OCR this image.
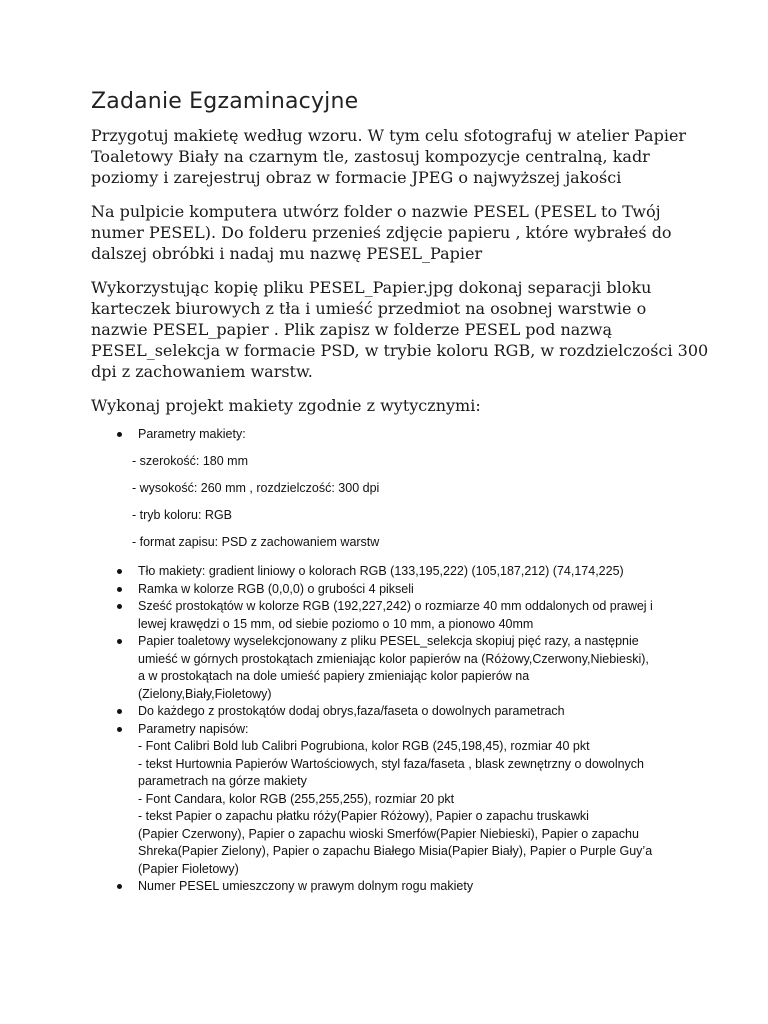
Zadanie Egzaminacyjne

Przygotuj makietę według wzoru. W tym celu sfotografuj w atelier Papier
Toaletowy Biały na czarnym tle, zastosuj kompozycje centralną, kadr
poziomy i zarejestruj obraz w formacie JPEG o najwyższej jakości

Na pulpicie komputera utwórz folder o nazwie PESEL (PESEL to Twój
numer PESEL). Do folderu przenieś zdjęcie papieru , które wybrałeś do
dalszej obróbki i nadaj mu nazwę PESEL_Papier

Wykorzystując kopię pliku PESEL_Papier.jpg dokonaj separacji bloku
karteczek biurowych z tła i umieść przedmiot na osobnej warstwie o
nazwie PESEL_papier . Plik zapisz w folderze PESEL pod nazwą
PESEL_selekcja w formacie PSD, w trybie koloru RGB, w rozdzielczości 300
dpi z zachowaniem warstw.

Wykonaj projekt makiety zgodnie z wytycznymi:

Parametry makiety:
- szerokość: 180 mm
- wysokość: 260 mm , rozdzielczość: 300 dpi
- tryb koloru: RGB
- format zapisu: PSD z zachowaniem warstw
Tło makiety: gradient liniowy o kolorach RGB (133,195,222) (105,187,212) (74,174,225)
Ramka w kolorze RGB (0,0,0) o grubości 4 pikseli
Sześć prostokątów w kolorze RGB (192,227,242) o rozmiarze 40 mm oddalonych od prawej i
lewej krawędzi o 15 mm, od siebie poziomo o 10 mm, a pionowo 40mm
Papier toaletowy wyselekcjonowany z pliku PESEL_selekcja skopiuj pięć razy, a następnie
umieść w górnych prostokątach zmieniając kolor papierów na (Różowy,Czerwony,Niebieski),
a w prostokątach na dole umieść papiery zmieniając kolor papierów na
(Zielony,Biały,Fioletowy)
Do każdego z prostokątów dodaj obrys,faza/faseta o dowolnych parametrach
Parametry napisów:
- Font Calibri Bold lub Calibri Pogrubiona, kolor RGB (245,198,45), rozmiar 40 pkt
- tekst Hurtownia Papierów Wartościowych, styl faza/faseta , blask zewnętrzny o dowolnych
parametrach na górze makiety
- Font Candara, kolor RGB (255,255,255), rozmiar 20 pkt
- tekst Papier o zapachu płatku róży(Papier Różowy), Papier o zapachu truskawki
(Papier Czerwony), Papier o zapachu wioski Smerfów(Papier Niebieski), Papier o zapachu
Shreka(Papier Zielony), Papier o zapachu Białego Misia(Papier Biały), Papier o Purple Guy’a
(Papier Fioletowy)
Numer PESEL umieszczony w prawym dolnym rogu makiety
